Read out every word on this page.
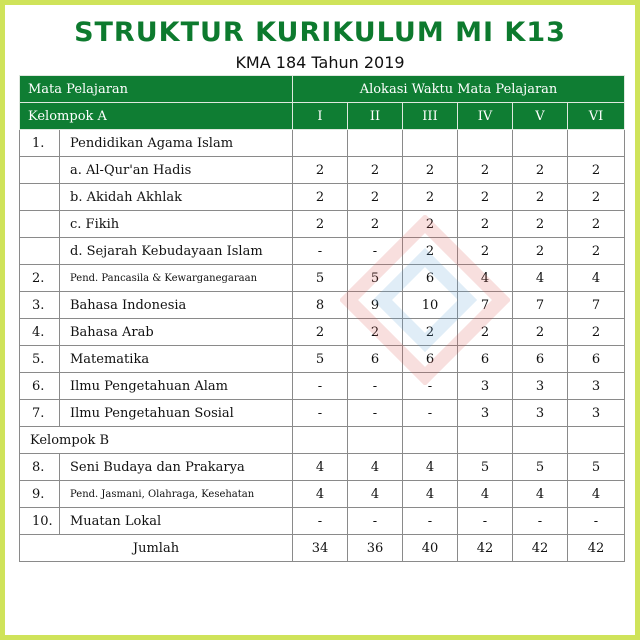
STRUKTUR KURIKULUM MI K13
KMA 184 Tahun 2019
Mata Pelajaran		Alokasi Waktu Mata Pelajaran					
Kelompok A		I	II	III	IV	V	VI
1.	Pendidikan Agama Islam						
	a. Al-Qur'an Hadis	2	2	2	2	2	2
	b. Akidah Akhlak	2	2	2	2	2	2
	c. Fikih	2	2	2	2	2	2
	d. Sejarah Kebudayaan Islam	-	-	2	2	2	2
2.	Pend. Pancasila & Kewarganegaraan	5	5	6	4	4	4
3.	Bahasa Indonesia	8	9	10	7	7	7
4.	Bahasa Arab	2	2	2	2	2	2
5.	Matematika	5	6	6	6	6	6
6.	Ilmu Pengetahuan Alam	-	-	-	3	3	3
7.	Ilmu Pengetahuan Sosial	-	-	-	3	3	3
Kelompok B							
8.	Seni Budaya dan Prakarya	4	4	4	5	5	5
9.	Pend. Jasmani, Olahraga, Kesehatan	4	4	4	4	4	4
10.	Muatan Lokal	-	-	-	-	-	-
Jumlah		34	36	40	42	42	42
